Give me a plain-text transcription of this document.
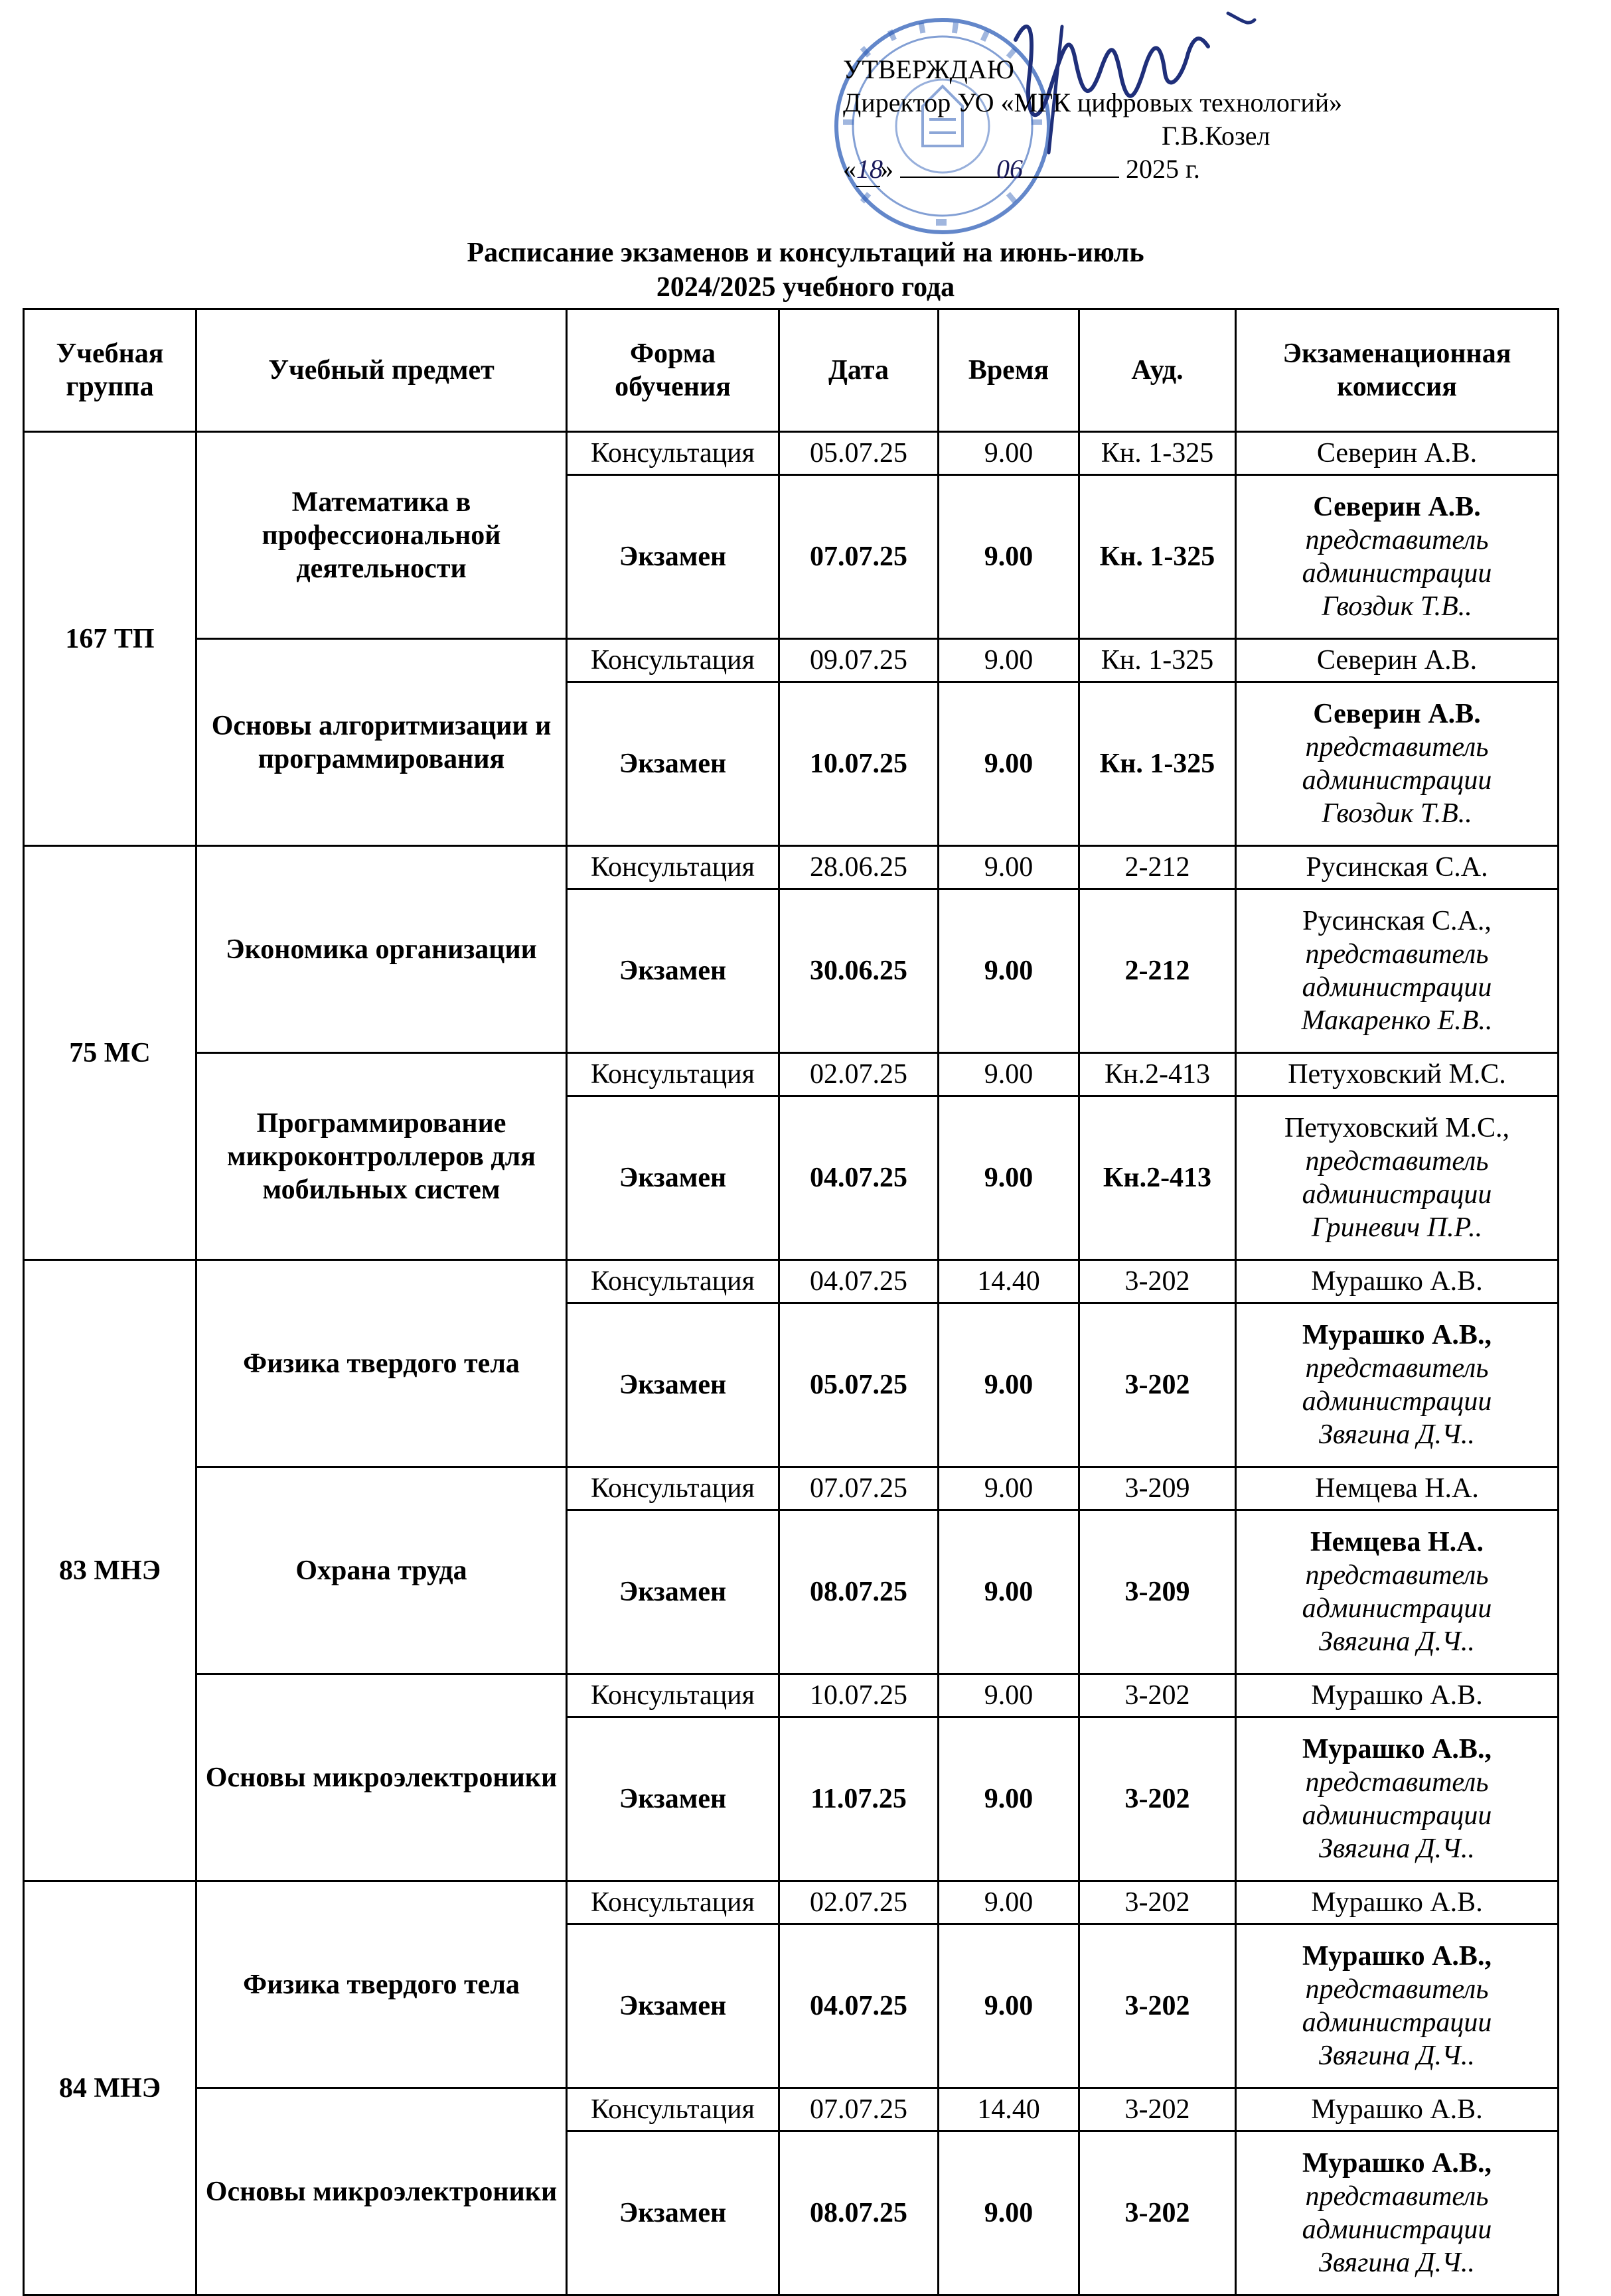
УТВЕРЖДАЮ
Директор УО «МГК цифровых технологий»
Г.В.Козел
«18»	06	2025 г.
Расписание экзаменов и консультаций на июнь-июль
2024/2025 учебного года
Учебная группа	Учебный предмет	Форма обучения	Дата	Время	Ауд.	Экзаменационная комиссия
167 ТП	Математика в профессиональной деятельности	Консультация	05.07.25	9.00	Кн. 1-325	Северин А.В.
		Экзамен	07.07.25	9.00	Кн. 1-325	Северин А.В.
представитель
администрации
Гвоздик Т.В..

	Основы алгоритмизации и программирования	Консультация	09.07.25	9.00	Кн. 1-325	Северин А.В.
		Экзамен	10.07.25	9.00	Кн. 1-325	Северин А.В.
представитель
администрации
Гвоздик Т.В..

75 МС	Экономика организации	Консультация	28.06.25	9.00	2-212	Русинская С.А.
		Экзамен	30.06.25	9.00	2-212	Русинская С.А.,
представитель
администрации
Макаренко Е.В..

	Программирование микроконтроллеров для мобильных систем	Консультация	02.07.25	9.00	Кн.2-413	Петуховский М.С.
		Экзамен	04.07.25	9.00	Кн.2-413	Петуховский М.С.,
представитель
администрации
Гриневич П.Р..

83 МНЭ	Физика твердого тела	Консультация	04.07.25	14.40	3-202	Мурашко А.В.
		Экзамен	05.07.25	9.00	3-202	Мурашко А.В.,
представитель
администрации
Звягина Д.Ч..

	Охрана труда	Консультация	07.07.25	9.00	3-209	Немцева Н.А.
		Экзамен	08.07.25	9.00	3-209	Немцева Н.А.
представитель
администрации
Звягина Д.Ч..

	Основы микроэлектроники	Консультация	10.07.25	9.00	3-202	Мурашко А.В.
		Экзамен	11.07.25	9.00	3-202	Мурашко А.В.,
представитель
администрации
Звягина Д.Ч..

84 МНЭ	Физика твердого тела	Консультация	02.07.25	9.00	3-202	Мурашко А.В.
		Экзамен	04.07.25	9.00	3-202	Мурашко А.В.,
представитель
администрации
Звягина Д.Ч..

	Основы микроэлектроники	Консультация	07.07.25	14.40	3-202	Мурашко А.В.
		Экзамен	08.07.25	9.00	3-202	Мурашко А.В.,
представитель
администрации
Звягина Д.Ч..
